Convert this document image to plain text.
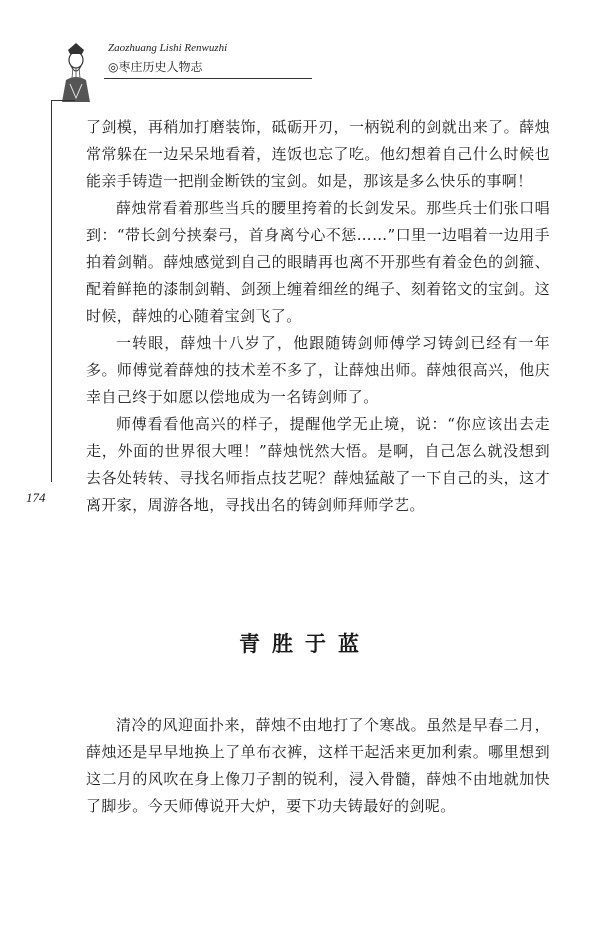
Zaozhuang Lishi Renwuzhi
◎枣庄历史人物志
174

了剑模，再稍加打磨装饰，砥砺开刃，一柄锐利的剑就出来了。薛烛常常躲在一边呆呆地看着，连饭也忘了吃。他幻想着自己什么时候也能亲手铸造一把削金断铁的宝剑。如是，那该是多么快乐的事啊！

薛烛常看着那些当兵的腰里挎着的长剑发呆。那些兵士们张口唱到：“带长剑兮挟秦弓，首身离兮心不惩……”口里一边唱着一边用手拍着剑鞘。薛烛感觉到自己的眼睛再也离不开那些有着金色的剑箍、配着鲜艳的漆制剑鞘、剑颈上缠着细丝的绳子、刻着铭文的宝剑。这时候，薛烛的心随着宝剑飞了。

一转眼，薛烛十八岁了，他跟随铸剑师傅学习铸剑已经有一年多。师傅觉着薛烛的技术差不多了，让薛烛出师。薛烛很高兴，他庆幸自己终于如愿以偿地成为一名铸剑师了。

师傅看看他高兴的样子，提醒他学无止境，说：“你应该出去走走，外面的世界很大哩！”薛烛恍然大悟。是啊，自己怎么就没想到去各处转转、寻找名师指点技艺呢？薛烛猛敲了一下自己的头，这才离开家，周游各地，寻找出名的铸剑师拜师学艺。

青胜于蓝

清冷的风迎面扑来，薛烛不由地打了个寒战。虽然是早春二月，薛烛还是早早地换上了单布衣裤，这样干起活来更加利索。哪里想到这二月的风吹在身上像刀子割的锐利，浸入骨髓，薛烛不由地就加快了脚步。今天师傅说开大炉，要下功夫铸最好的剑呢。
